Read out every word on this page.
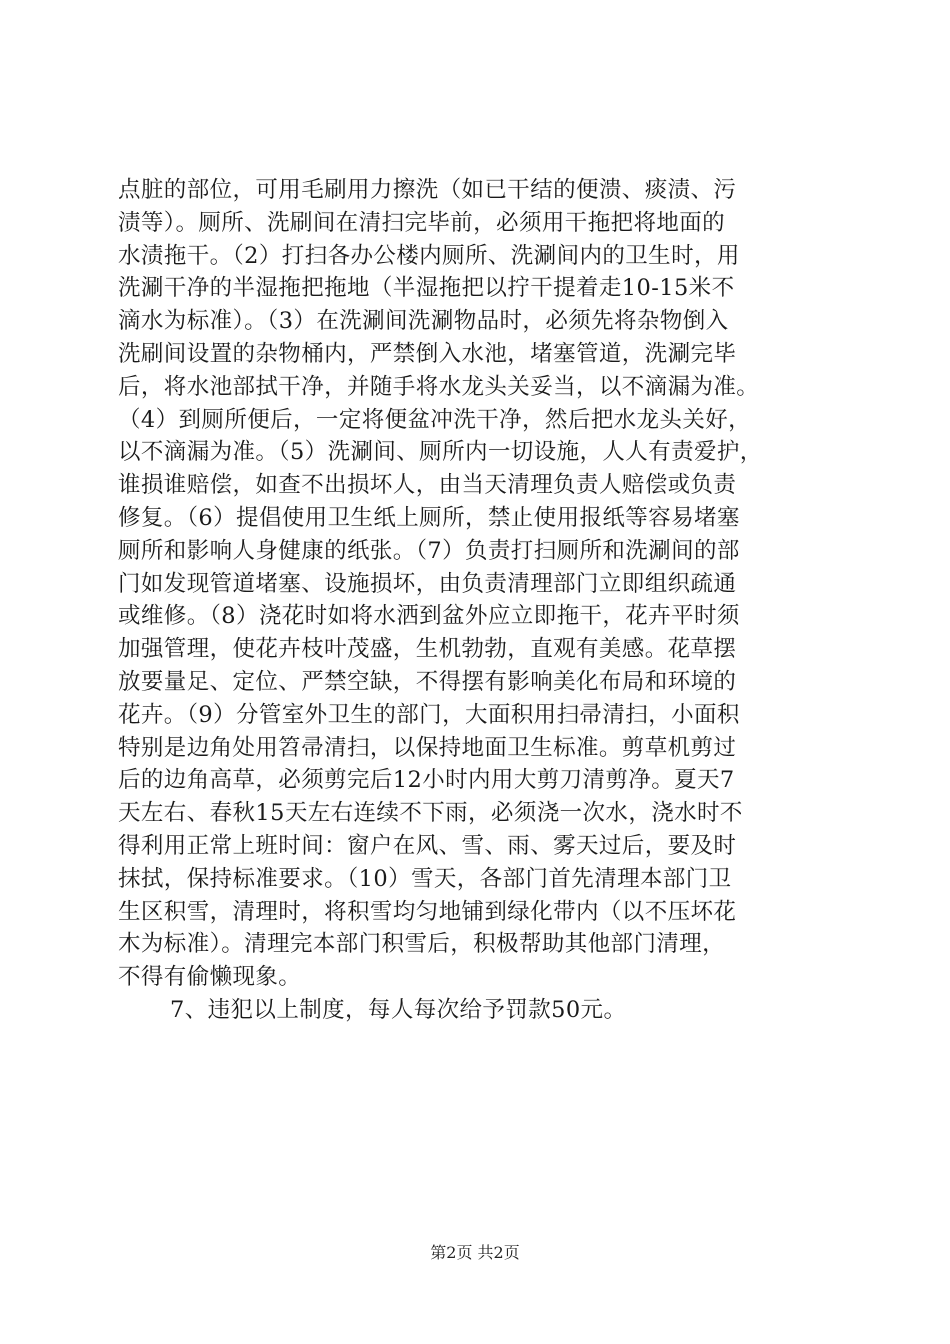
点脏的部位，可用毛刷用力擦洗（如已干结的便溃、痰渍、污
渍等）。厕所、洗刷间在清扫完毕前，必须用干拖把将地面的
水渍拖干。（2）打扫各办公楼内厕所、洗涮间内的卫生时，用
洗涮干净的半湿拖把拖地（半湿拖把以拧干提着走10-15米不
滴水为标准）。（3）在洗涮间洗涮物品时，必须先将杂物倒入
洗刷间设置的杂物桶内，严禁倒入水池，堵塞管道，洗涮完毕
后，将水池部拭干净，并随手将水龙头关妥当，以不滴漏为准。
（4）到厕所便后，一定将便盆冲洗干净，然后把水龙头关好，
以不滴漏为准。（5）洗涮间、厕所内一切设施，人人有责爱护，
谁损谁赔偿，如查不出损坏人，由当天清理负责人赔偿或负责
修复。（6）提倡使用卫生纸上厕所，禁止使用报纸等容易堵塞
厕所和影响人身健康的纸张。（7）负责打扫厕所和洗涮间的部
门如发现管道堵塞、设施损坏，由负责清理部门立即组织疏通
或维修。（8）浇花时如将水洒到盆外应立即拖干，花卉平时须
加强管理，使花卉枝叶茂盛，生机勃勃，直观有美感。花草摆
放要量足、定位、严禁空缺，不得摆有影响美化布局和环境的
花卉。（9）分管室外卫生的部门，大面积用扫帚清扫，小面积
特别是边角处用笤帚清扫，以保持地面卫生标准。剪草机剪过
后的边角高草，必须剪完后12小时内用大剪刀清剪净。夏天7
天左右、春秋15天左右连续不下雨，必须浇一次水，浇水时不
得利用正常上班时间：窗户在风、雪、雨、雾天过后，要及时
抹拭，保持标准要求。（10）雪天，各部门首先清理本部门卫
生区积雪，清理时，将积雪均匀地铺到绿化带内（以不压坏花
木为标准）。清理完本部门积雪后，积极帮助其他部门清理，
不得有偷懒现象。
7、违犯以上制度，每人每次给予罚款50元。
第2页 共2页
